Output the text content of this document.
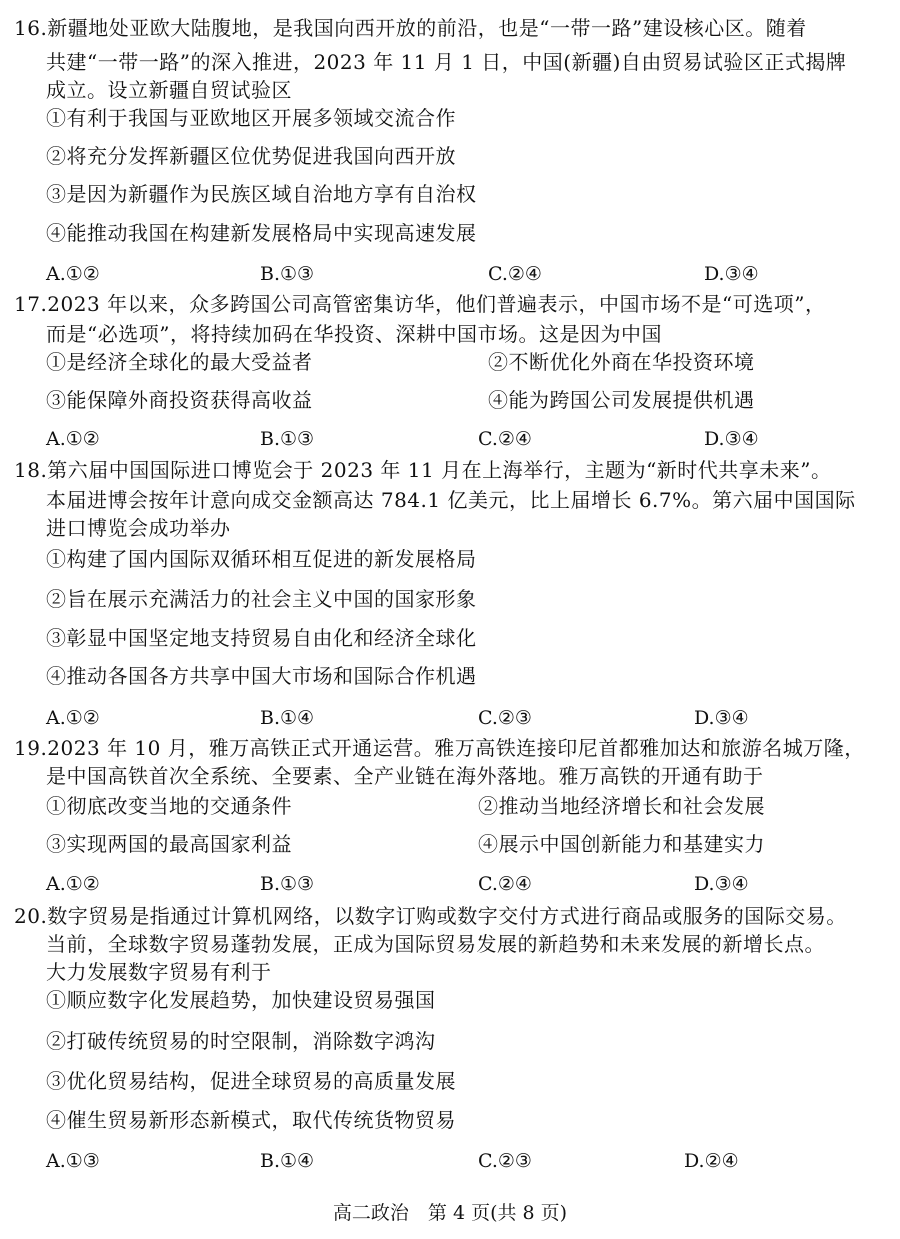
16.新疆地处亚欧大陆腹地，是我国向西开放的前沿，也是“一带一路”建设核心区。随着
共建“一带一路”的深入推进，2023 年 11 月 1 日，中国(新疆)自由贸易试验区正式揭牌
成立。设立新疆自贸试验区
①有利于我国与亚欧地区开展多领域交流合作
②将充分发挥新疆区位优势促进我国向西开放
③是因为新疆作为民族区域自治地方享有自治权
④能推动我国在构建新发展格局中实现高速发展
A.①②	B.①③	C.②④	D.③④
17.2023 年以来，众多跨国公司高管密集访华，他们普遍表示，中国市场不是“可选项”，
而是“必选项”，将持续加码在华投资、深耕中国市场。这是因为中国
①是经济全球化的最大受益者	②不断优化外商在华投资环境
③能保障外商投资获得高收益	④能为跨国公司发展提供机遇
A.①②	B.①③	C.②④	D.③④
18.第六届中国国际进口博览会于 2023 年 11 月在上海举行，主题为“新时代共享未来”。
本届进博会按年计意向成交金额高达 784.1 亿美元，比上届增长 6.7%。第六届中国国际
进口博览会成功举办
①构建了国内国际双循环相互促进的新发展格局
②旨在展示充满活力的社会主义中国的国家形象
③彰显中国坚定地支持贸易自由化和经济全球化
④推动各国各方共享中国大市场和国际合作机遇
A.①②	B.①④	C.②③	D.③④
19.2023 年 10 月，雅万高铁正式开通运营。雅万高铁连接印尼首都雅加达和旅游名城万隆，
是中国高铁首次全系统、全要素、全产业链在海外落地。雅万高铁的开通有助于
①彻底改变当地的交通条件	②推动当地经济增长和社会发展
③实现两国的最高国家利益	④展示中国创新能力和基建实力
A.①②	B.①③	C.②④	D.③④
20.数字贸易是指通过计算机网络，以数字订购或数字交付方式进行商品或服务的国际交易。
当前，全球数字贸易蓬勃发展，正成为国际贸易发展的新趋势和未来发展的新增长点。
大力发展数字贸易有利于
①顺应数字化发展趋势，加快建设贸易强国
②打破传统贸易的时空限制，消除数字鸿沟
③优化贸易结构，促进全球贸易的高质量发展
④催生贸易新形态新模式，取代传统货物贸易
A.①③	B.①④	C.②③	D.②④
高二政治　第 4 页(共 8 页)
